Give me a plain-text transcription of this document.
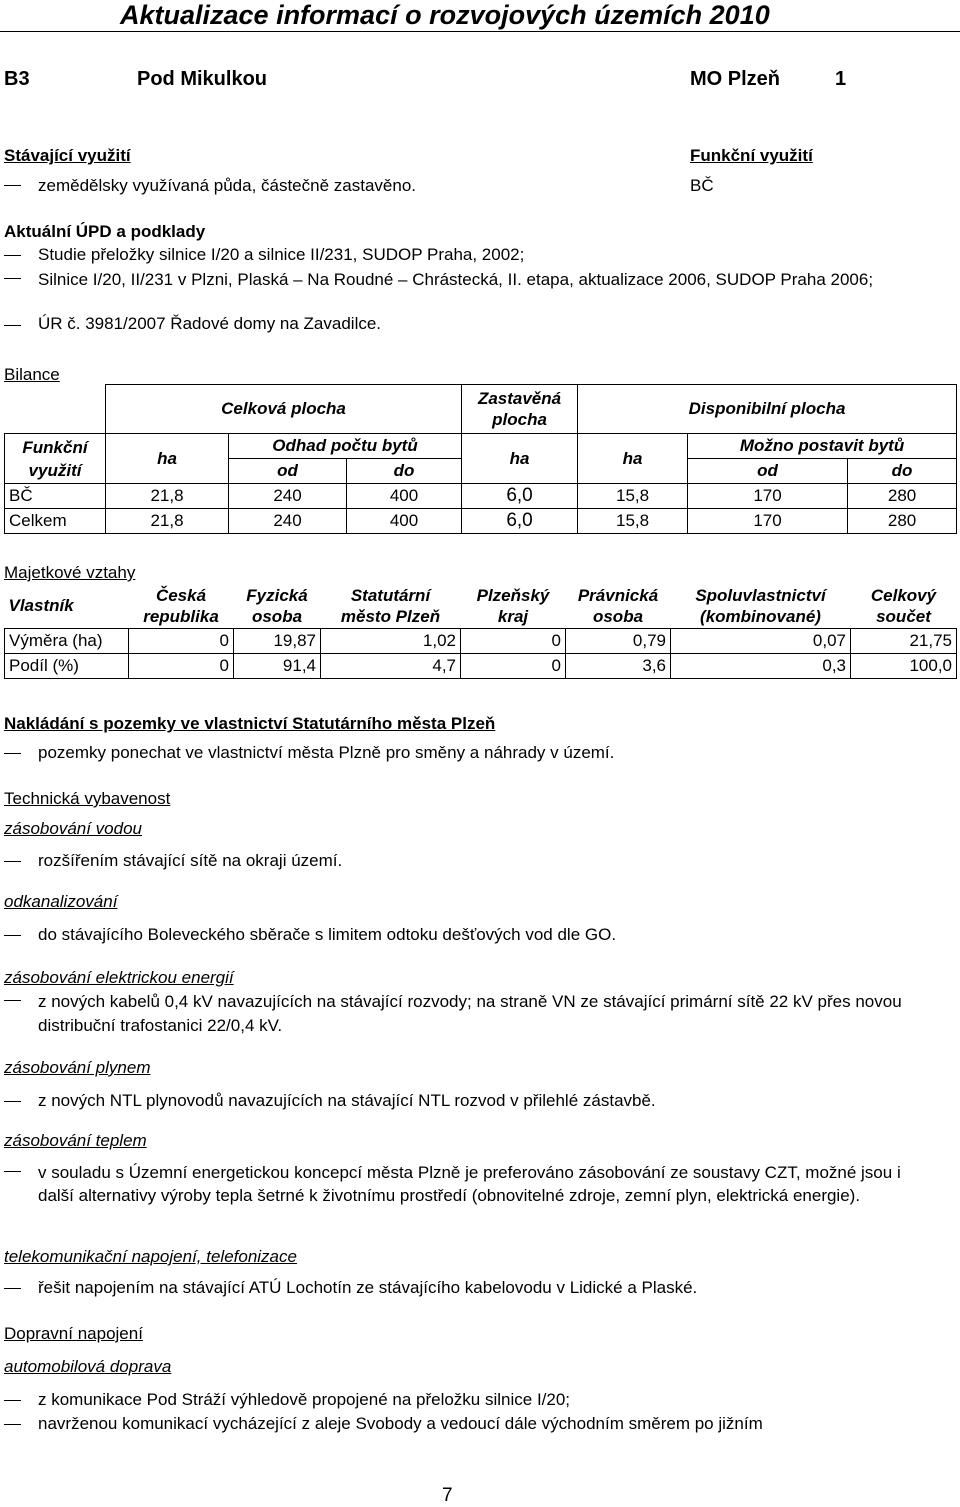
Aktualizace informací o rozvojových územích 2010
B3	Pod Mikulkou	MO Plzeň	1
Stávající využití	Funkční využití
zemědělsky využívaná půda, částečně zastavěno.	BČ
Aktuální ÚPD a podklady
Studie přeložky silnice I/20 a silnice II/231, SUDOP Praha, 2002;
Silnice I/20, II/231 v Plzni, Plaská – Na Roudné – Chrástecká, II. etapa, aktualizace 2006, SUDOP Praha 2006;
ÚR č. 3981/2007 Řadové domy na Zavadilce.
Bilance
	Celková plocha			Zastavěná plocha	Disponibilní plocha		
Funkční využití	ha	Odhad počtu bytů		ha	ha	Možno postavit bytů	
		od	do			od	do
BČ	21,8	240	400	6,0	15,8	170	280
Celkem	21,8	240	400	6,0	15,8	170	280
Majetkové vztahy
Vlastník	Česká republika	Fyzická osoba	Statutární město Plzeň	Plzeňský kraj	Právnická osoba	Spoluvlastnictví (kombinované)	Celkový součet
Výměra (ha)	0	19,87	1,02	0	0,79	0,07	21,75
Podíl (%)	0	91,4	4,7	0	3,6	0,3	100,0
Nakládání s pozemky ve vlastnictví Statutárního města Plzeň
pozemky ponechat ve vlastnictví města Plzně pro směny a náhrady v území.
Technická vybavenost
zásobování vodou
rozšířením stávající sítě na okraji území.
odkanalizování
do stávajícího Boleveckého sběrače s limitem odtoku dešťových vod dle GO.
zásobování elektrickou energií
z nových kabelů 0,4 kV navazujících na stávající rozvody; na straně VN ze stávající primární sítě 22 kV přes novou distribuční trafostanici 22/0,4 kV.
zásobování plynem
z nových NTL plynovodů navazujících na stávající NTL rozvod v přilehlé zástavbě.
zásobování teplem
v souladu s Územní energetickou koncepcí města Plzně je preferováno zásobování ze soustavy CZT, možné jsou i další alternativy výroby tepla šetrné k životnímu prostředí (obnovitelné zdroje, zemní plyn, elektrická energie).
telekomunikační napojení, telefonizace
řešit napojením na stávající ATÚ Lochotín ze stávajícího kabelovodu v Lidické a Plaské.
Dopravní napojení
automobilová doprava
z komunikace Pod Stráží výhledově propojené na přeložku silnice I/20;
navrženou komunikací vycházející z aleje Svobody a vedoucí dále východním směrem po jižním
7
